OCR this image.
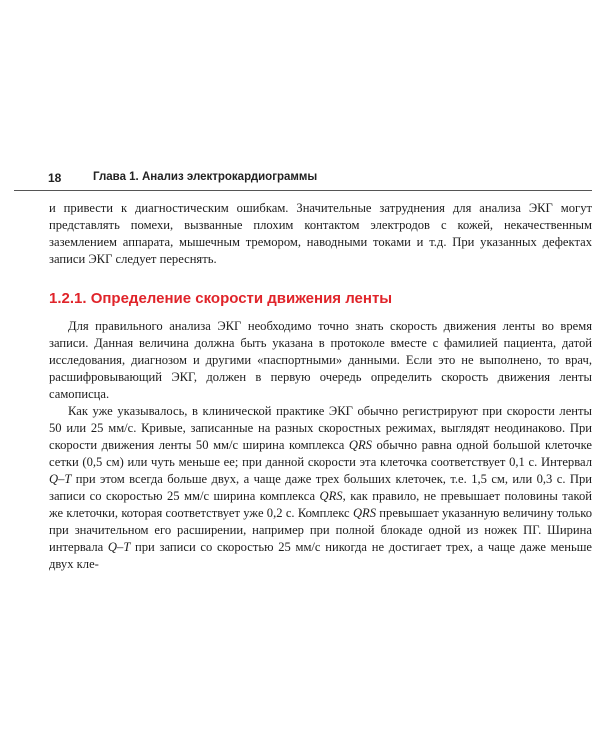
18	Глава 1. Анализ электрокардиограммы

и привести к диагностическим ошибкам. Значительные затруднения для анализа ЭКГ могут представлять помехи, вызванные плохим контактом электродов с кожей, некачественным заземлением аппарата, мышечным тремором, наводными токами и т.д. При указанных дефектах записи ЭКГ следует переснять.

1.2.1. Определение скорости движения ленты

Для правильного анализа ЭКГ необходимо точно знать скорость движения ленты во время записи. Данная величина должна быть указана в протоколе вместе с фамилией пациента, датой исследования, диагнозом и другими «паспортными» данными. Если это не выполнено, то врач, расшифровывающий ЭКГ, должен в первую очередь определить скорость движения ленты самописца.

Как уже указывалось, в клинической практике ЭКГ обычно регистрируют при скорости ленты 50 или 25 мм/с. Кривые, записанные на разных скоростных режимах, выглядят неодинаково. При скорости движения ленты 50 мм/с ширина комплекса QRS обычно равна одной большой клеточке сетки (0,5 см) или чуть меньше ее; при данной скорости эта клеточка соответствует 0,1 с. Интервал Q–T при этом всегда больше двух, а чаще даже трех больших клеточек, т.е. 1,5 см, или 0,3 с. При записи со скоростью 25 мм/с ширина комплекса QRS, как правило, не превышает половины такой же клеточки, которая соответствует уже 0,2 с. Комплекс QRS превышает указанную величину только при значительном его расширении, например при полной блокаде одной из ножек ПГ. Ширина интервала Q–T при записи со скоростью 25 мм/с никогда не достигает трех, а чаще даже меньше двух кле-
